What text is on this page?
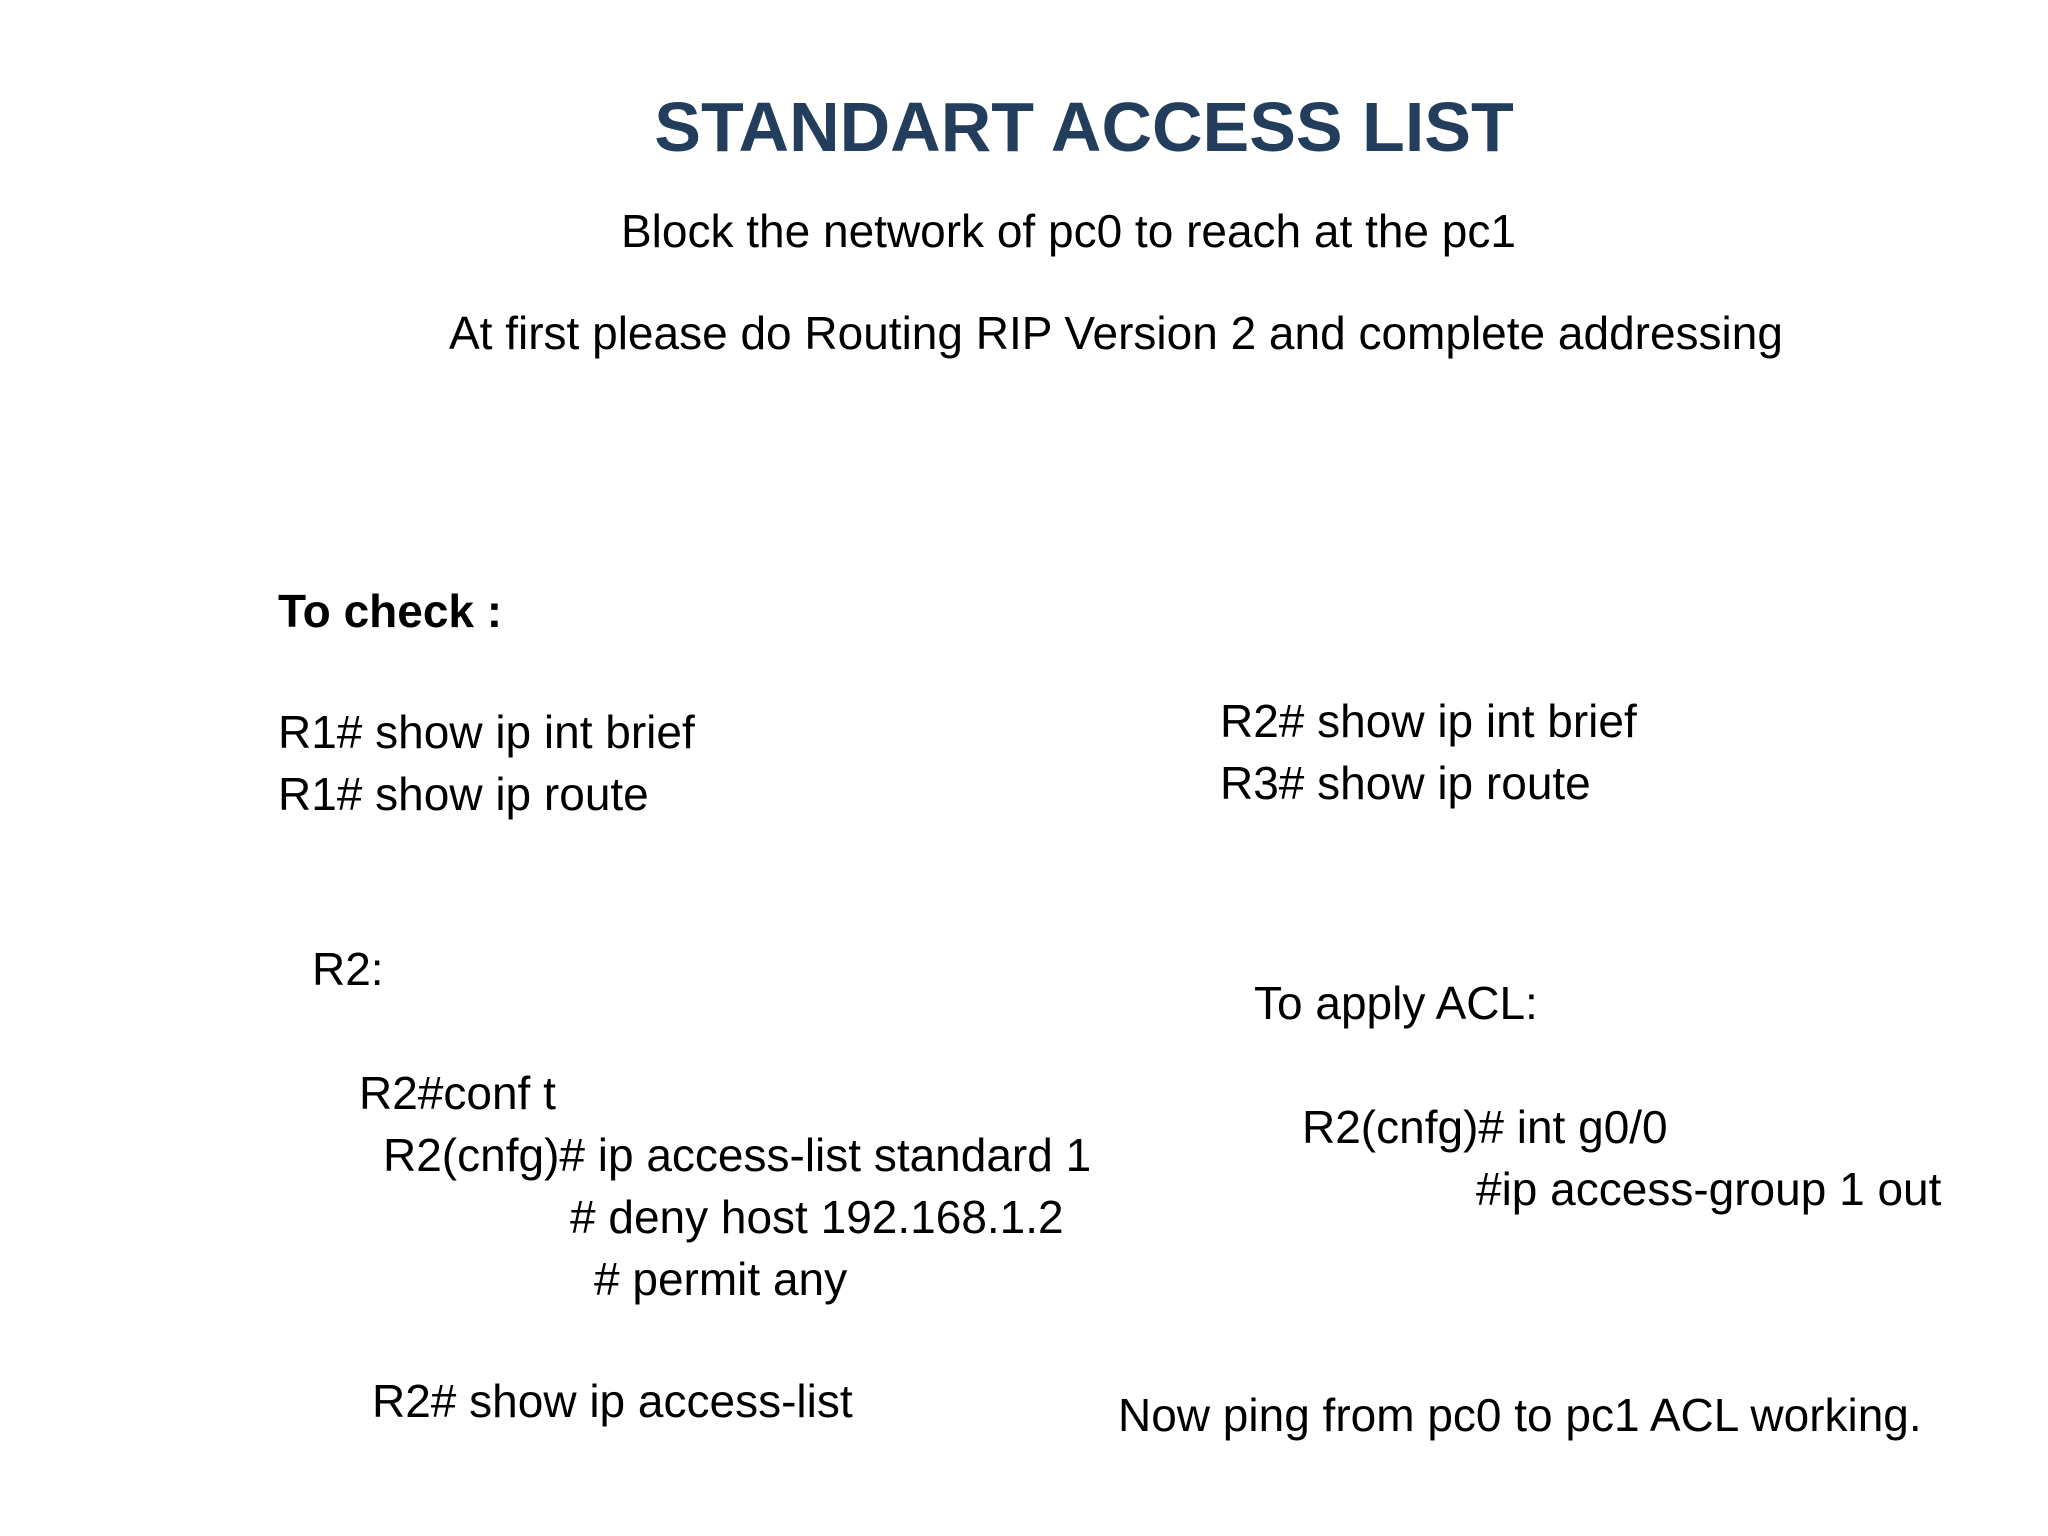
STANDART ACCESS LIST
Block the network of pc0 to reach at the pc1
At first please do Routing RIP Version 2 and complete addressing
To check :
R1# show ip int brief
R1# show ip route
R2# show ip int brief
R3# show ip route
R2:
R2#conf t
R2(cnfg)# ip access-list standard 1
# deny host 192.168.1.2
# permit any
R2# show ip access-list
To apply ACL:
R2(cnfg)# int g0/0
#ip access-group 1 out
Now ping from pc0 to pc1 ACL working.
